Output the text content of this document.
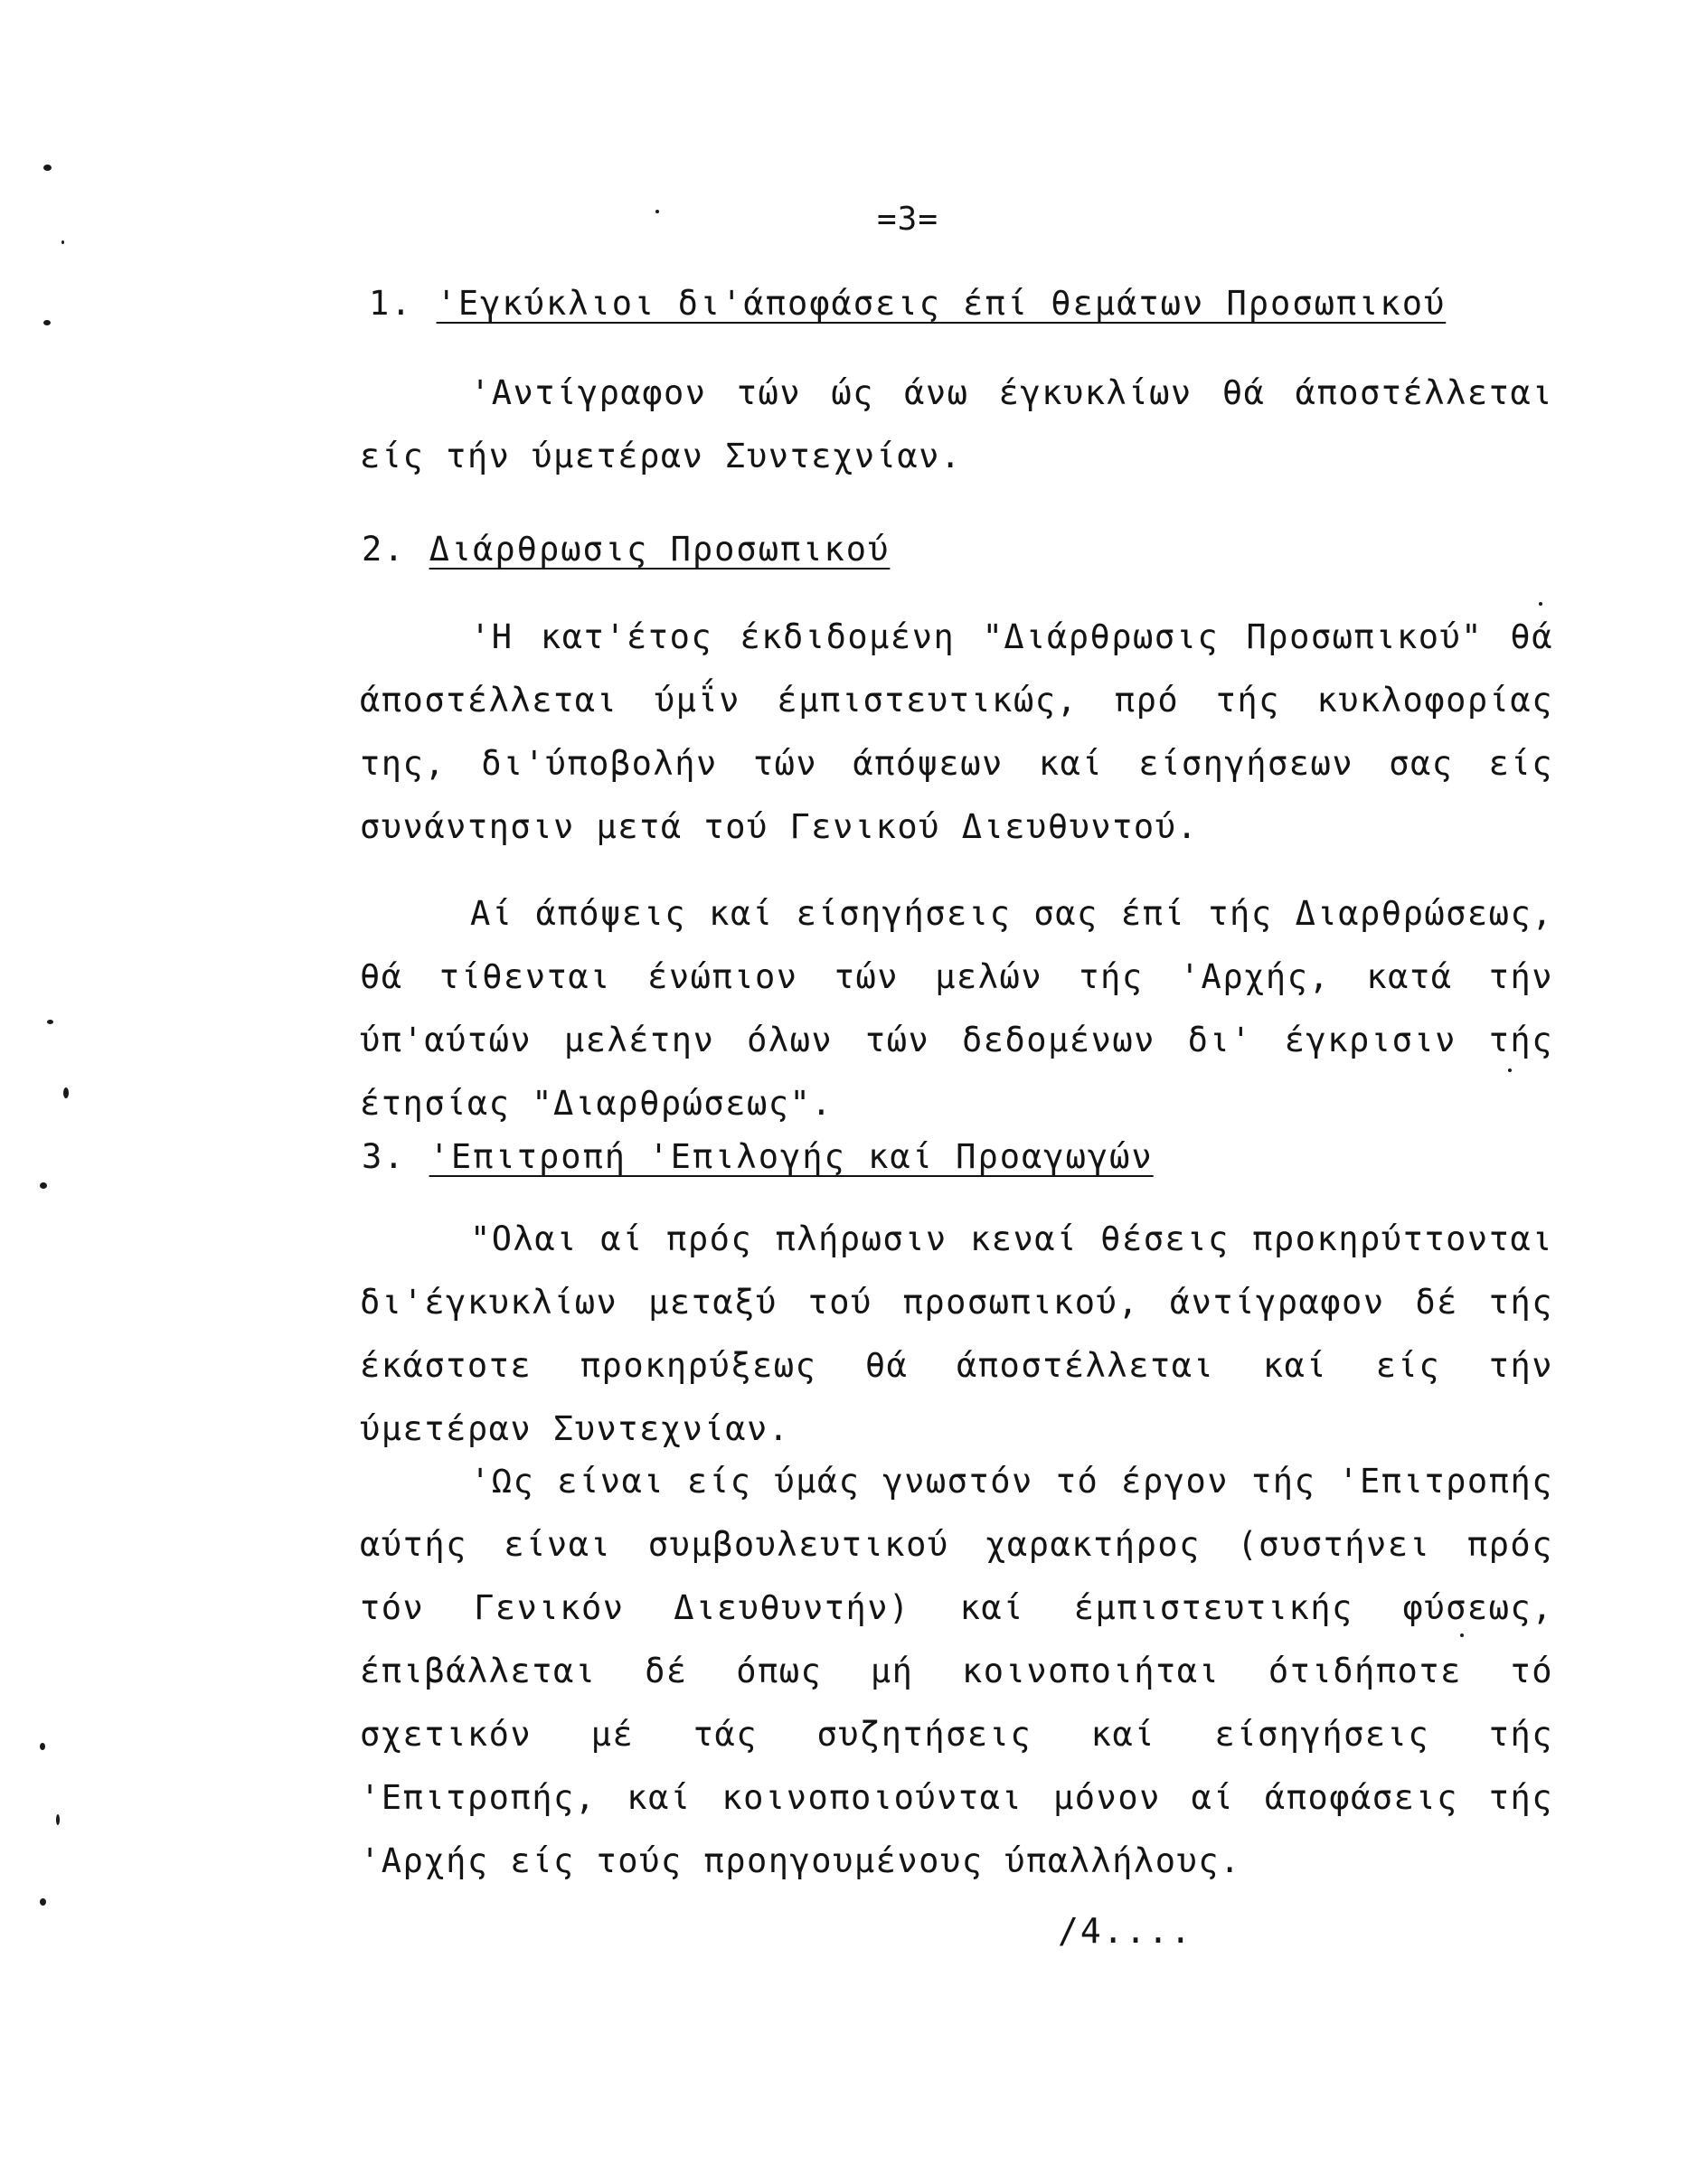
=3=
1. 'Εγκύκλιοι δι'άποφάσεις έπί θεμάτων Προσωπικού
'Αντίγραφον τών ώς άνω έγκυκλίων θά άποστέλλεται είς τήν ύμετέραν Συντεχνίαν.
2. Διάρθρωσις Προσωπικού
'Η κατ'έτος έκδιδομένη "Διάρθρωσις Προσωπικού" θά άποστέλλεται ύμΐν έμπιστευτικώς, πρό τής κυκλοφορίας της, δι'ύποβολήν τών άπόψεων καί είσηγήσεων σας είς συνάντησιν μετά τού Γενικού Διευθυντού.
Αί άπόψεις καί είσηγήσεις σας έπί τής Διαρθρώσεως, θά τίθενται ένώπιον τών μελών τής 'Αρχής, κατά τήν ύπ'αύτών μελέτην όλων τών δεδομένων δι' έγκρισιν τής έτησίας "Διαρθρώσεως".
3. 'Επιτροπή 'Επιλογής καί Προαγωγών
"Ολαι αί πρός πλήρωσιν κεναί θέσεις προκηρύττονται δι'έγκυκλίων μεταξύ τού προσωπικού, άντίγραφον δέ τής έκάστοτε προκηρύξεως θά άποστέλλεται καί είς τήν ύμετέραν Συντεχνίαν.
'Ως είναι είς ύμάς γνωστόν τό έργον τής 'Επιτροπής αύτής είναι συμβουλευτικού χαρακτήρος (συστήνει πρός τόν Γενικόν Διευθυντήν) καί έμπιστευτικής φύσεως, έπιβάλλεται δέ όπως μή κοινοποιήται ότιδήποτε τό σχετικόν μέ τάς συζητήσεις καί είσηγήσεις τής 'Επιτροπής, καί κοινοποιούνται μόνον αί άποφάσεις τής 'Αρχής είς τούς προηγουμένους ύπαλλήλους.
/4....
